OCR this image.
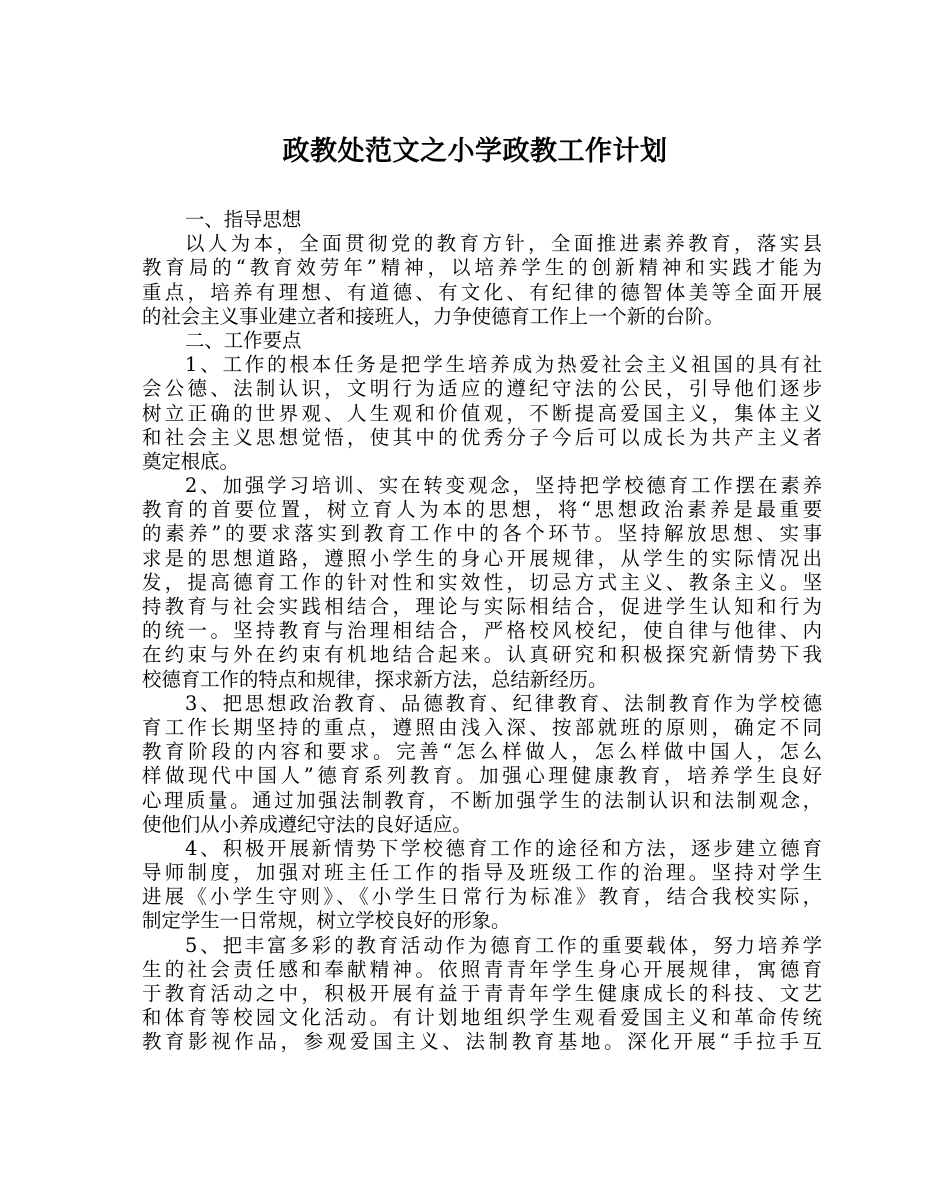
政教处范文之小学政教工作计划
一、指导思想
以人为本，全面贯彻党的教育方针，全面推进素养教育，落实县
教育局的“教育效劳年”精神，以培养学生的创新精神和实践才能为
重点，培养有理想、有道德、有文化、有纪律的德智体美等全面开展
的社会主义事业建立者和接班人，力争使德育工作上一个新的台阶。
二、工作要点
1、工作的根本任务是把学生培养成为热爱社会主义祖国的具有社
会公德、法制认识，文明行为适应的遵纪守法的公民，引导他们逐步
树立正确的世界观、人生观和价值观，不断提高爱国主义，集体主义
和社会主义思想觉悟，使其中的优秀分子今后可以成长为共产主义者
奠定根底。
2、加强学习培训、实在转变观念，坚持把学校德育工作摆在素养
教育的首要位置，树立育人为本的思想，将“思想政治素养是最重要
的素养”的要求落实到教育工作中的各个环节。坚持解放思想、实事
求是的思想道路，遵照小学生的身心开展规律，从学生的实际情况出
发，提高德育工作的针对性和实效性，切忌方式主义、教条主义。坚
持教育与社会实践相结合，理论与实际相结合，促进学生认知和行为
的统一。坚持教育与治理相结合，严格校风校纪，使自律与他律、内
在约束与外在约束有机地结合起来。认真研究和积极探究新情势下我
校德育工作的特点和规律，探求新方法，总结新经历。
3、把思想政治教育、品德教育、纪律教育、法制教育作为学校德
育工作长期坚持的重点，遵照由浅入深、按部就班的原则，确定不同
教育阶段的内容和要求。完善“怎么样做人，怎么样做中国人，怎么
样做现代中国人”德育系列教育。加强心理健康教育，培养学生良好
心理质量。通过加强法制教育，不断加强学生的法制认识和法制观念，
使他们从小养成遵纪守法的良好适应。
4、积极开展新情势下学校德育工作的途径和方法，逐步建立德育
导师制度，加强对班主任工作的指导及班级工作的治理。坚持对学生
进展《小学生守则》、《小学生日常行为标准》教育，结合我校实际，
制定学生一日常规，树立学校良好的形象。
5、把丰富多彩的教育活动作为德育工作的重要载体，努力培养学
生的社会责任感和奉献精神。依照青青年学生身心开展规律，寓德育
于教育活动之中，积极开展有益于青青年学生健康成长的科技、文艺
和体育等校园文化活动。有计划地组织学生观看爱国主义和革命传统
教育影视作品，参观爱国主义、法制教育基地。深化开展“手拉手互
